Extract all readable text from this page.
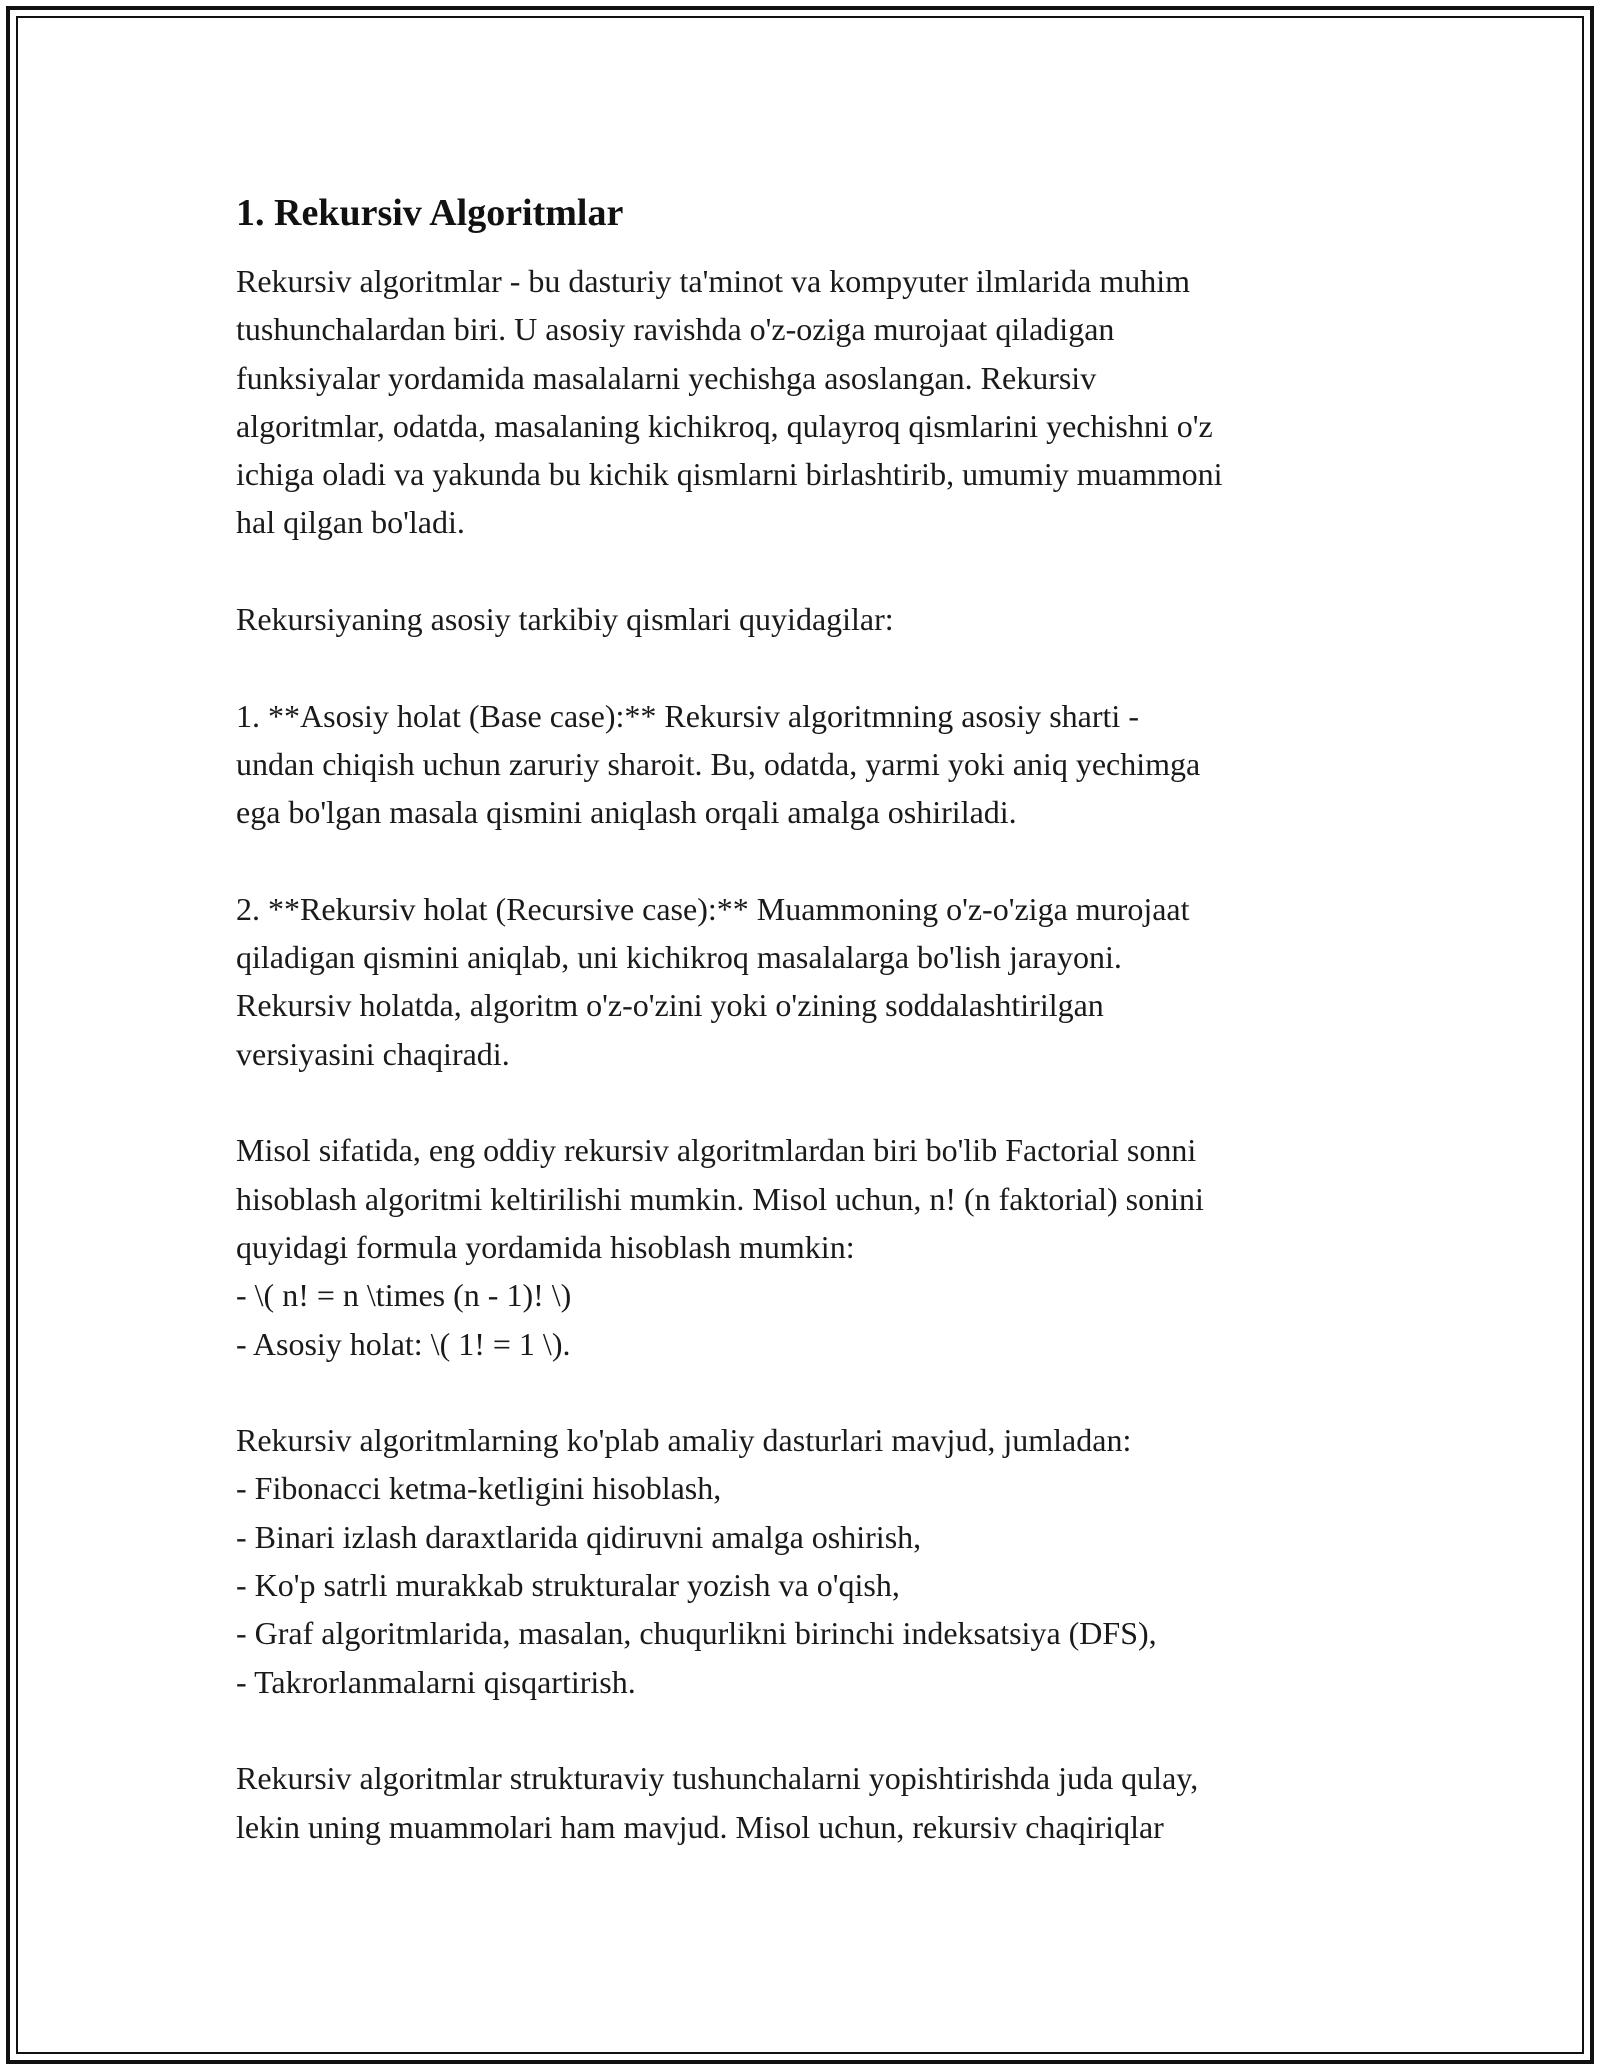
1. Rekursiv Algoritmlar

Rekursiv algoritmlar - bu dasturiy ta'minot va kompyuter ilmlarida muhim
tushunchalardan biri. U asosiy ravishda o'z-oziga murojaat qiladigan
funksiyalar yordamida masalalarni yechishga asoslangan. Rekursiv
algoritmlar, odatda, masalaning kichikroq, qulayroq qismlarini yechishni o'z
ichiga oladi va yakunda bu kichik qismlarni birlashtirib, umumiy muammoni
hal qilgan bo'ladi.

Rekursiyaning asosiy tarkibiy qismlari quyidagilar:

1. **Asosiy holat (Base case):** Rekursiv algoritmning asosiy sharti -
undan chiqish uchun zaruriy sharoit. Bu, odatda, yarmi yoki aniq yechimga
ega bo'lgan masala qismini aniqlash orqali amalga oshiriladi.

2. **Rekursiv holat (Recursive case):** Muammoning o'z-o'ziga murojaat
qiladigan qismini aniqlab, uni kichikroq masalalarga bo'lish jarayoni.
Rekursiv holatda, algoritm o'z-o'zini yoki o'zining soddalashtirilgan
versiyasini chaqiradi.

Misol sifatida, eng oddiy rekursiv algoritmlardan biri bo'lib Factorial sonni
hisoblash algoritmi keltirilishi mumkin. Misol uchun, n! (n faktorial) sonini
quyidagi formula yordamida hisoblash mumkin:
- \( n! = n \times (n - 1)! \)
- Asosiy holat: \( 1! = 1 \).

Rekursiv algoritmlarning ko'plab amaliy dasturlari mavjud, jumladan:
- Fibonacci ketma-ketligini hisoblash,
- Binari izlash daraxtlarida qidiruvni amalga oshirish,
- Ko'p satrli murakkab strukturalar yozish va o'qish,
- Graf algoritmlarida, masalan, chuqurlikni birinchi indeksatsiya (DFS),
- Takrorlanmalarni qisqartirish.

Rekursiv algoritmlar strukturaviy tushunchalarni yopishtirishda juda qulay,
lekin uning muammolari ham mavjud. Misol uchun, rekursiv chaqiriqlar
